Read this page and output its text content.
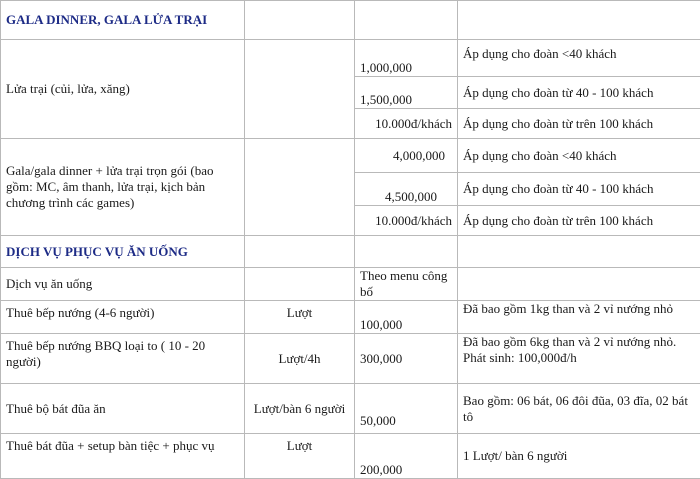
GALA DINNER, GALA LỬA TRẠI			
Lửa trại (củi, lửa, xăng)		1,000,000	Áp dụng cho đoàn <40 khách
		1,500,000	Áp dụng cho đoàn từ 40 - 100 khách
		10.000đ/khách	Áp dụng cho đoàn từ trên 100 khách
Gala/gala dinner + lửa trại trọn gói (bao gồm: MC, âm thanh, lửa trại, kịch bản chương trình các games)		4,000,000	Áp dụng cho đoàn <40 khách
		4,500,000	Áp dụng cho đoàn từ 40 - 100 khách
		10.000đ/khách	Áp dụng cho đoàn từ trên 100 khách
DỊCH VỤ PHỤC VỤ ĂN UỐNG			
Dịch vụ ăn uống		Theo menu công bố	
Thuê bếp nướng (4-6 người)	Lượt	100,000	Đã bao gồm 1kg than và 2 vỉ nướng nhỏ
Thuê bếp nướng BBQ loại to ( 10 - 20 người)	Lượt/4h	300,000	Đã bao gồm 6kg than và 2 vỉ nướng nhỏ.
Phát sinh: 100,000đ/h

Thuê bộ bát đũa ăn	Lượt/bàn 6 người	50,000	Bao gồm: 06 bát, 06 đôi đũa, 03 đĩa, 02 bát tô
Thuê bát đũa + setup bàn tiệc + phục vụ	Lượt	200,000	1 Lượt/ bàn 6 người
